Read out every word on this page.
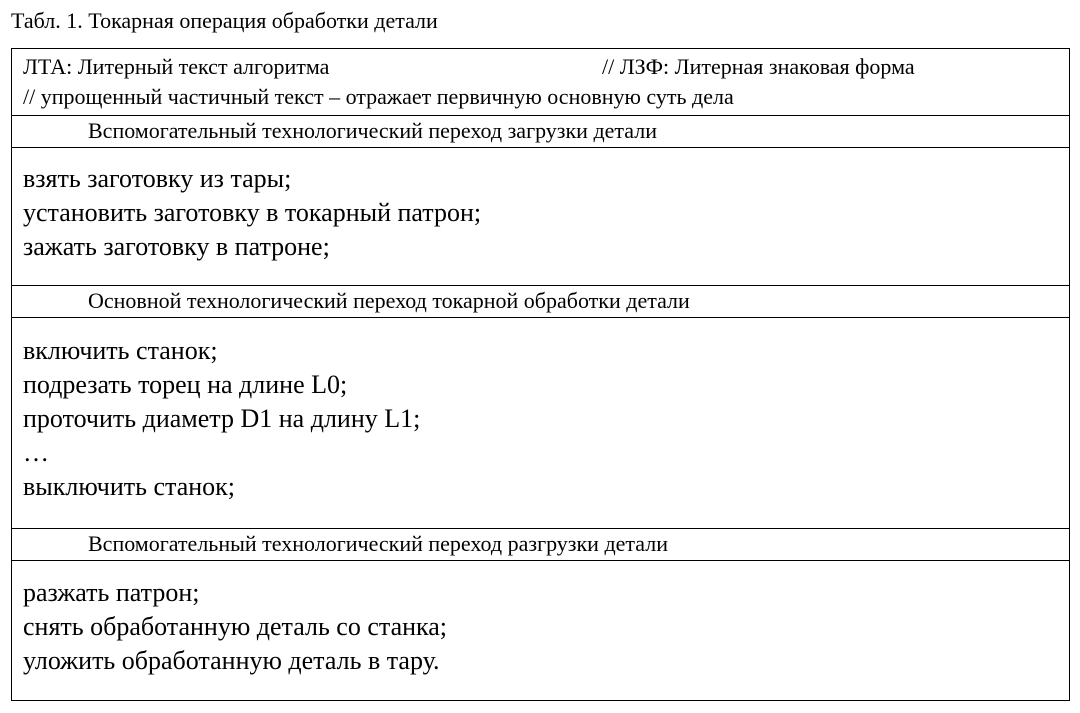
Табл. 1. Токарная операция обработки детали
ЛТА: Литерный текст алгоритма	// ЛЗФ: Литерная знаковая форма
// упрощенный частичный текст – отражает первичную основную суть дела
Вспомогательный технологический переход загрузки детали
взять заготовку из тары;
установить заготовку в токарный патрон;
зажать заготовку в патроне;
Основной технологический переход токарной обработки детали
включить станок;
подрезать торец на длине L0;
проточить диаметр D1 на длину L1;
…
выключить станок;
Вспомогательный технологический переход разгрузки детали
разжать патрон;
снять обработанную деталь со станка;
уложить обработанную деталь в тару.
